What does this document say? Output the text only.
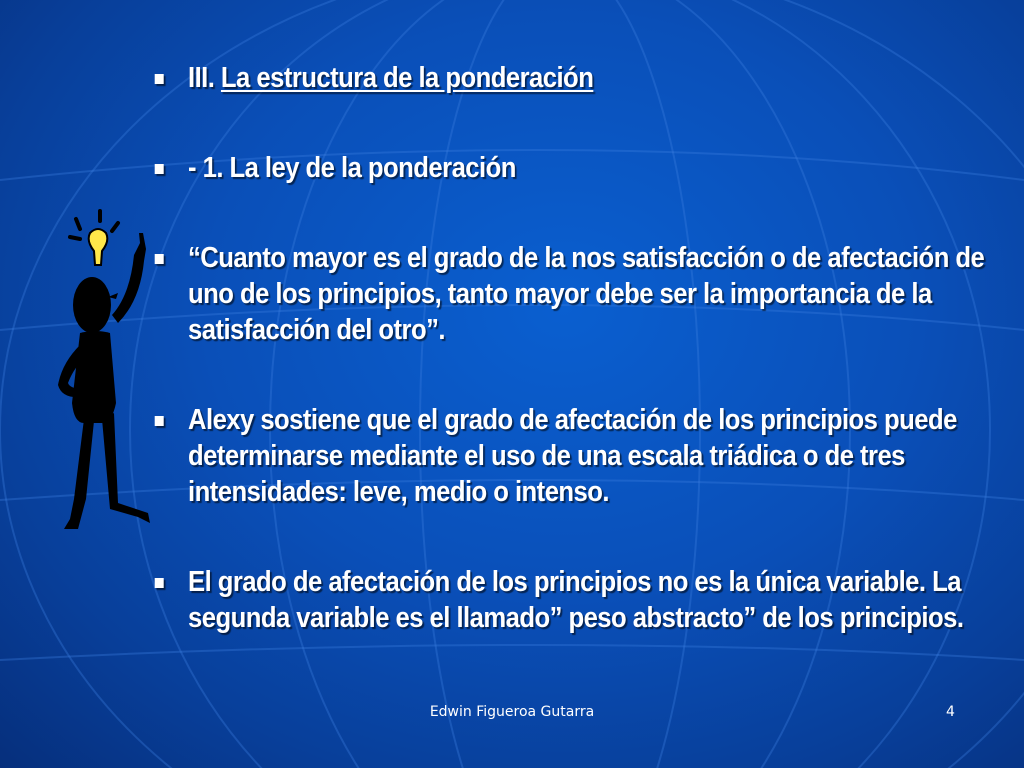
III. La estructura de la ponderación
- 1. La ley de la ponderación
“Cuanto mayor es el grado de la nos satisfacción o de afectación de uno de los principios, tanto mayor debe ser la importancia de la satisfacción del otro”.
Alexy sostiene que el grado de afectación de los principios puede determinarse mediante el uso de una escala triádica o de tres intensidades: leve, medio o intenso.
El grado de afectación de los principios no es la única variable. La segunda variable es el llamado” peso abstracto” de los principios.
Edwin Figueroa Gutarra	4
